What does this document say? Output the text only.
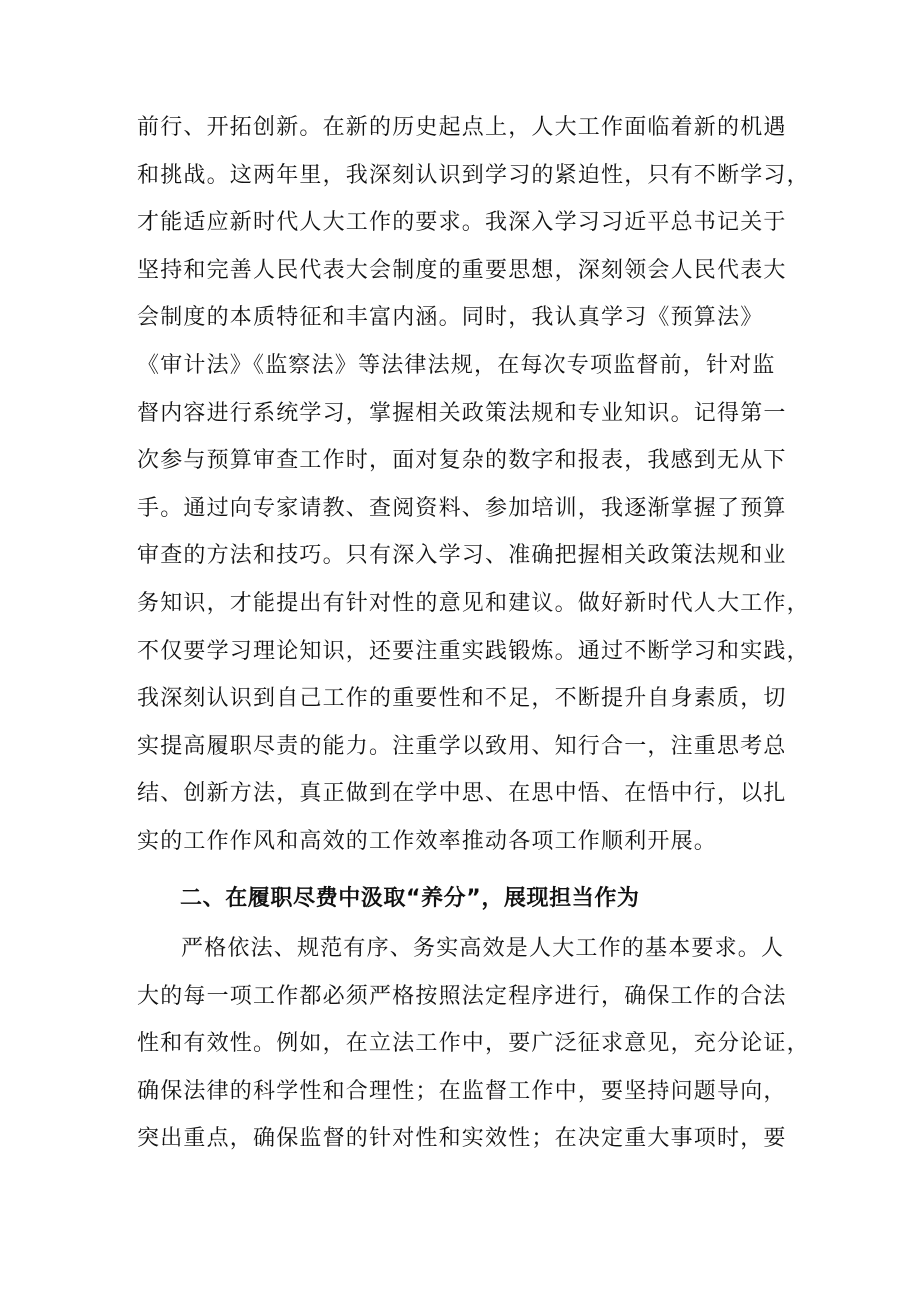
前行、开拓创新。在新的历史起点上，人大工作面临着新的机遇
和挑战。这两年里，我深刻认识到学习的紧迫性，只有不断学习，
才能适应新时代人大工作的要求。我深入学习习近平总书记关于
坚持和完善人民代表大会制度的重要思想，深刻领会人民代表大
会制度的本质特征和丰富内涵。同时，我认真学习《预算法》
《审计法》《监察法》等法律法规，在每次专项监督前，针对监
督内容进行系统学习，掌握相关政策法规和专业知识。记得第一
次参与预算审查工作时，面对复杂的数字和报表，我感到无从下
手。通过向专家请教、查阅资料、参加培训，我逐渐掌握了预算
审查的方法和技巧。只有深入学习、准确把握相关政策法规和业
务知识，才能提出有针对性的意见和建议。做好新时代人大工作，
不仅要学习理论知识，还要注重实践锻炼。通过不断学习和实践，
我深刻认识到自己工作的重要性和不足，不断提升自身素质，切
实提高履职尽责的能力。注重学以致用、知行合一，注重思考总
结、创新方法，真正做到在学中思、在思中悟、在悟中行，以扎
实的工作作风和高效的工作效率推动各项工作顺利开展。
二、在履职尽费中汲取“养分”，展现担当作为
严格依法、规范有序、务实高效是人大工作的基本要求。人
大的每一项工作都必须严格按照法定程序进行，确保工作的合法
性和有效性。例如，在立法工作中，要广泛征求意见，充分论证，
确保法律的科学性和合理性；在监督工作中，要坚持问题导向，
突出重点，确保监督的针对性和实效性；在决定重大事项时，要
